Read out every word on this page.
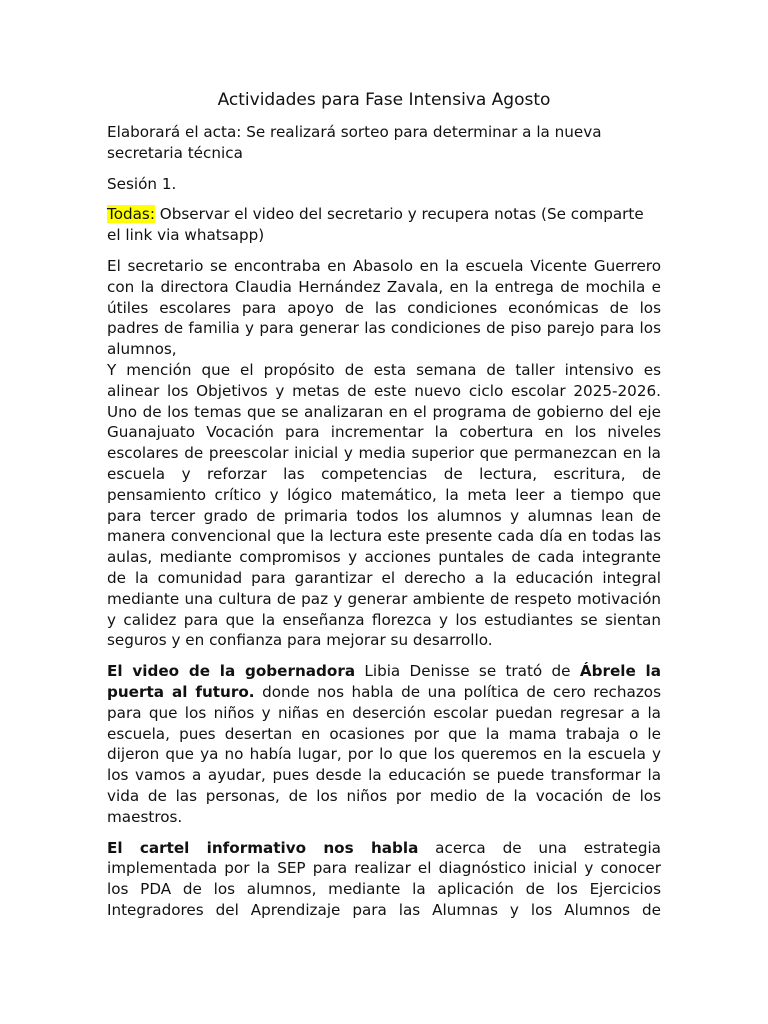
Actividades para Fase Intensiva Agosto

Elaborará el acta: Se realizará sorteo para determinar a la nueva secretaria técnica

Sesión 1.

Todas: Observar el video del secretario y recupera notas (Se comparte el link via whatsapp)

El secretario se encontraba en Abasolo en la escuela Vicente Guerrero con la directora Claudia Hernández Zavala, en la entrega de mochila e útiles escolares para apoyo de las condiciones económicas de los padres de familia y para generar las condiciones de piso parejo para los alumnos,

Y mención que el propósito de esta semana de taller intensivo es alinear los Objetivos y metas de este nuevo ciclo escolar 2025-2026. Uno de los temas que se analizaran en el programa de gobierno del eje Guanajuato Vocación para incrementar la cobertura en los niveles escolares de preescolar inicial y media superior que permanezcan en la escuela y reforzar las competencias de lectura, escritura, de pensamiento crítico y lógico matemático, la meta leer a tiempo que para tercer grado de primaria todos los alumnos y alumnas lean de manera convencional que la lectura este presente cada día en todas las aulas, mediante compromisos y acciones puntales de cada integrante de la comunidad para garantizar el derecho a la educación integral mediante una cultura de paz y generar ambiente de respeto motivación y calidez para que la enseñanza florezca y los estudiantes se sientan seguros y en confianza para mejorar su desarrollo.

El video de la gobernadora Libia Denisse se trató de Ábrele la puerta al futuro. donde nos habla de una política de cero rechazos para que los niños y niñas en deserción escolar puedan regresar a la escuela, pues desertan en ocasiones por que la mama trabaja o le dijeron que ya no había lugar, por lo que los queremos en la escuela y los vamos a ayudar, pues desde la educación se puede transformar la vida de las personas, de los niños por medio de la vocación de los maestros.

El cartel informativo nos habla acerca de una estrategia implementada por la SEP para realizar el diagnóstico inicial y conocer los PDA de los alumnos, mediante la aplicación de los Ejercicios Integradores del Aprendizaje para las Alumnas y los Alumnos de
